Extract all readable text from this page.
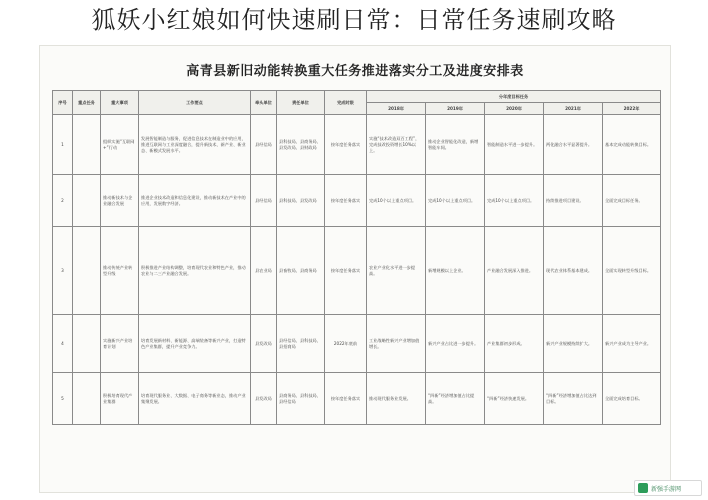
狐妖小红娘如何快速刷日常：日常任务速刷攻略
高青县新旧动能转换重大任务推进落实分工及进度安排表
序号	重点任务	重大事项	工作要点	牵头单位	责任单位	完成时限	分年度目标任务				
							2018年	2019年	2020年	2021年	2022年
1		组织实施“互联网+”行动	发展智能制造与服务，促进信息技术在制造业中的应用，推进互联网与工业深度融合，提升新技术、新产业、新业态、新模式发展水平。	县经信局	县科技局、县商务局、县发改局、县财政局	按年度任务落实	实施“技术改造双百工程”，完成技改投资增长10%以上。	推动企业智能化改造，新增智能车间。	智能制造水平进一步提升。	两化融合水平显著提升。	基本完成动能转换目标。
2		推动新技术与企业融合发展	推进企业技术改造和信息化建设，推动新技术在产业中的应用，发展数字经济。	县经信局	县科技局、县发改局	按年度任务落实	完成10个以上重点项目。	完成10个以上重点项目。	完成10个以上重点项目。	持续推进项目建设。	全面完成目标任务。
3		推动传统产业转型升级	积极推进产业结构调整，培育现代农业和特色产业，推动农业与二三产业融合发展。	县农业局	县畜牧局、县商务局	按年度任务落实	农业产业化水平进一步提高。	新增规模以上企业。	产业融合发展深入推进。	现代农业体系基本建成。	全面实现转型升级目标。
4		实施新兴产业培育计划	培育发展新材料、新能源、高端装备等新兴产业，打造特色产业集群，提升产业竞争力。	县发改局	县经信局、县科技局、县招商局	2022年底前	工业战略性新兴产业增加值增长。	新兴产业占比进一步提升。	产业集群初步形成。	新兴产业规模持续扩大。	新兴产业成为主导产业。
5		积极培育现代产业集群	培育现代服务业、大数据、电子商务等新业态，推动产业集聚发展。	县发改局	县商务局、县科技局、县经信局	按年度任务落实	推动现代服务业发展。	“四新”经济增加值占比提高。	“四新”经济快速发展。	“四新”经济增加值占比达到目标。	全面完成培育目标。
新强手游网
